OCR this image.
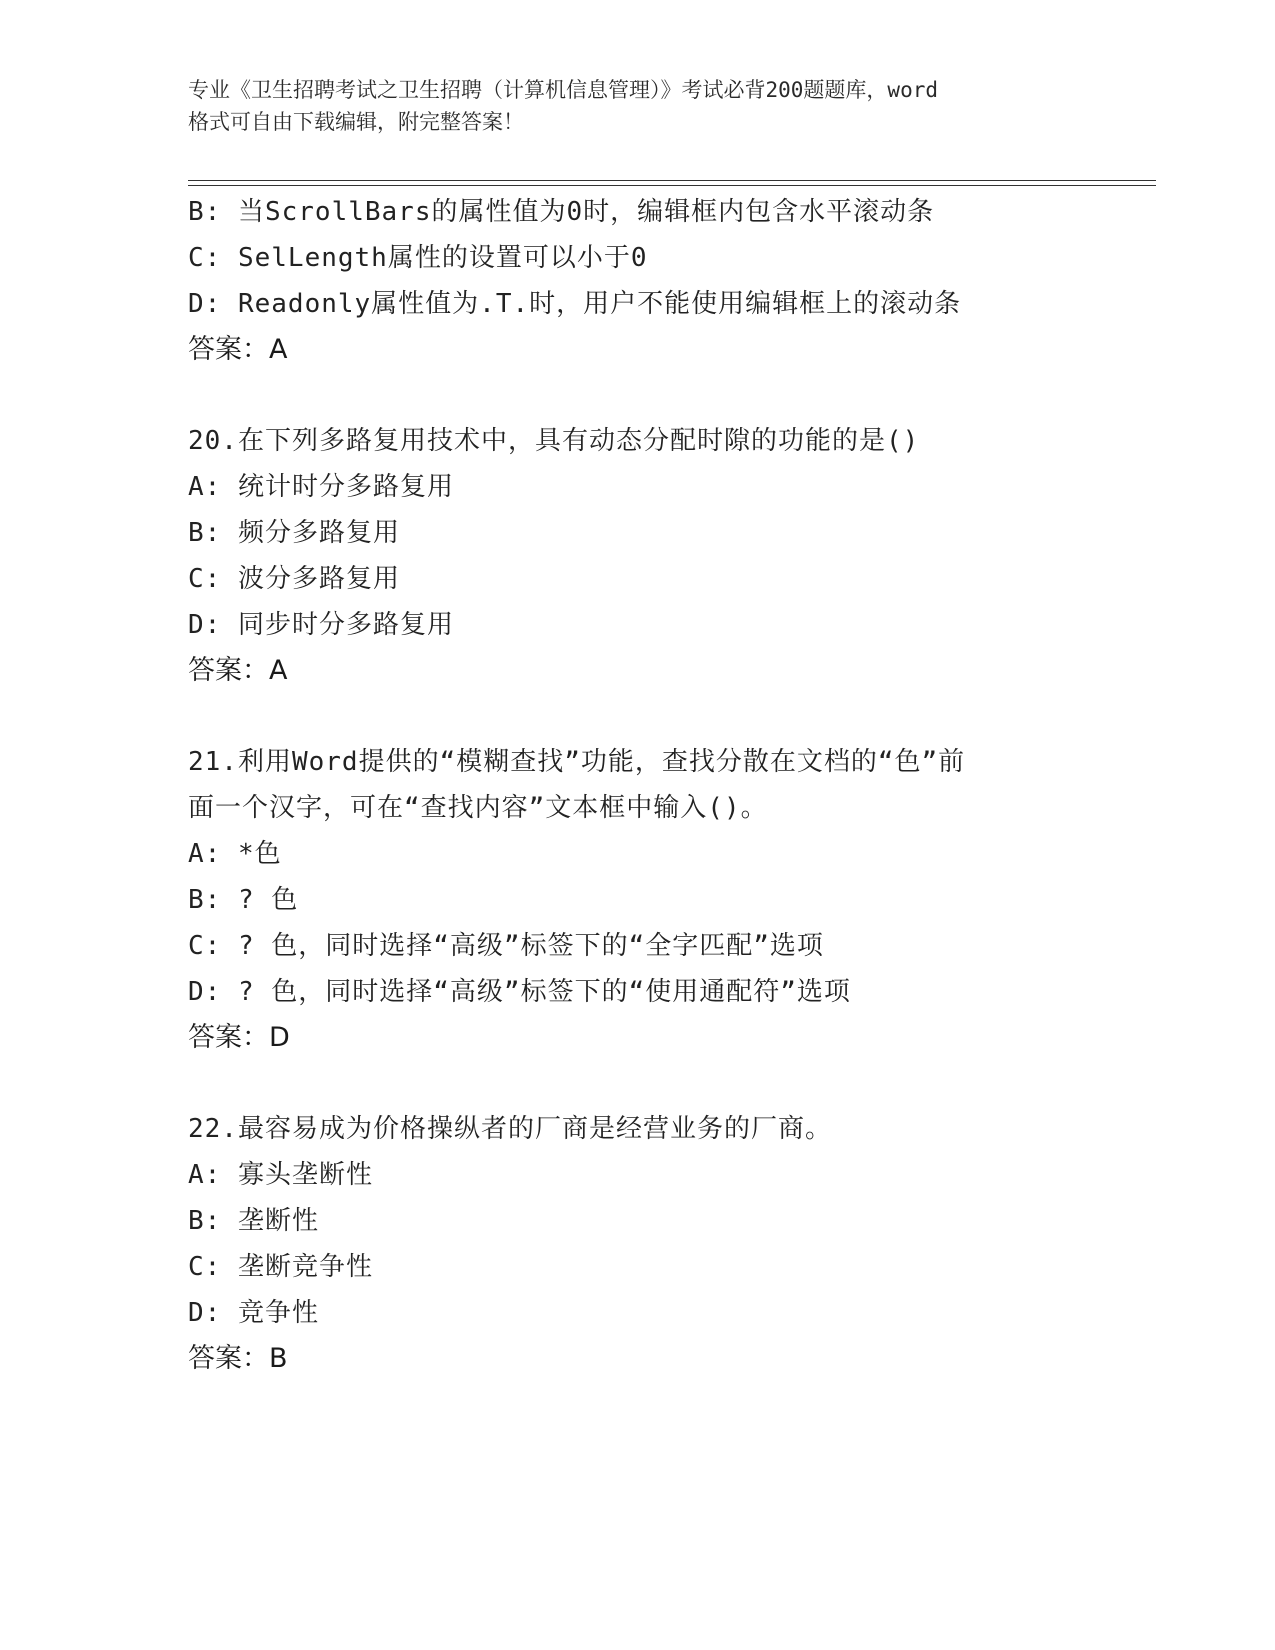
专业《卫生招聘考试之卫生招聘（计算机信息管理）》考试必背200题题库，word
格式可自由下载编辑，附完整答案！
B: 当ScrollBars的属性值为0时，编辑框内包含水平滚动条
C: SelLength属性的设置可以小于0
D: Readonly属性值为.T.时，用户不能使用编辑框上的滚动条
答案：A
20.在下列多路复用技术中，具有动态分配时隙的功能的是()
A: 统计时分多路复用
B: 频分多路复用
C: 波分多路复用
D: 同步时分多路复用
答案：A
21.利用Word提供的“模糊查找”功能，查找分散在文档的“色”前
面一个汉字，可在“查找内容”文本框中输入()。
A: *色
B: ? 色
C: ? 色，同时选择“高级”标签下的“全字匹配”选项
D: ? 色，同时选择“高级”标签下的“使用通配符”选项
答案：D
22.最容易成为价格操纵者的厂商是经营业务的厂商。
A: 寡头垄断性
B: 垄断性
C: 垄断竞争性
D: 竞争性
答案：B
